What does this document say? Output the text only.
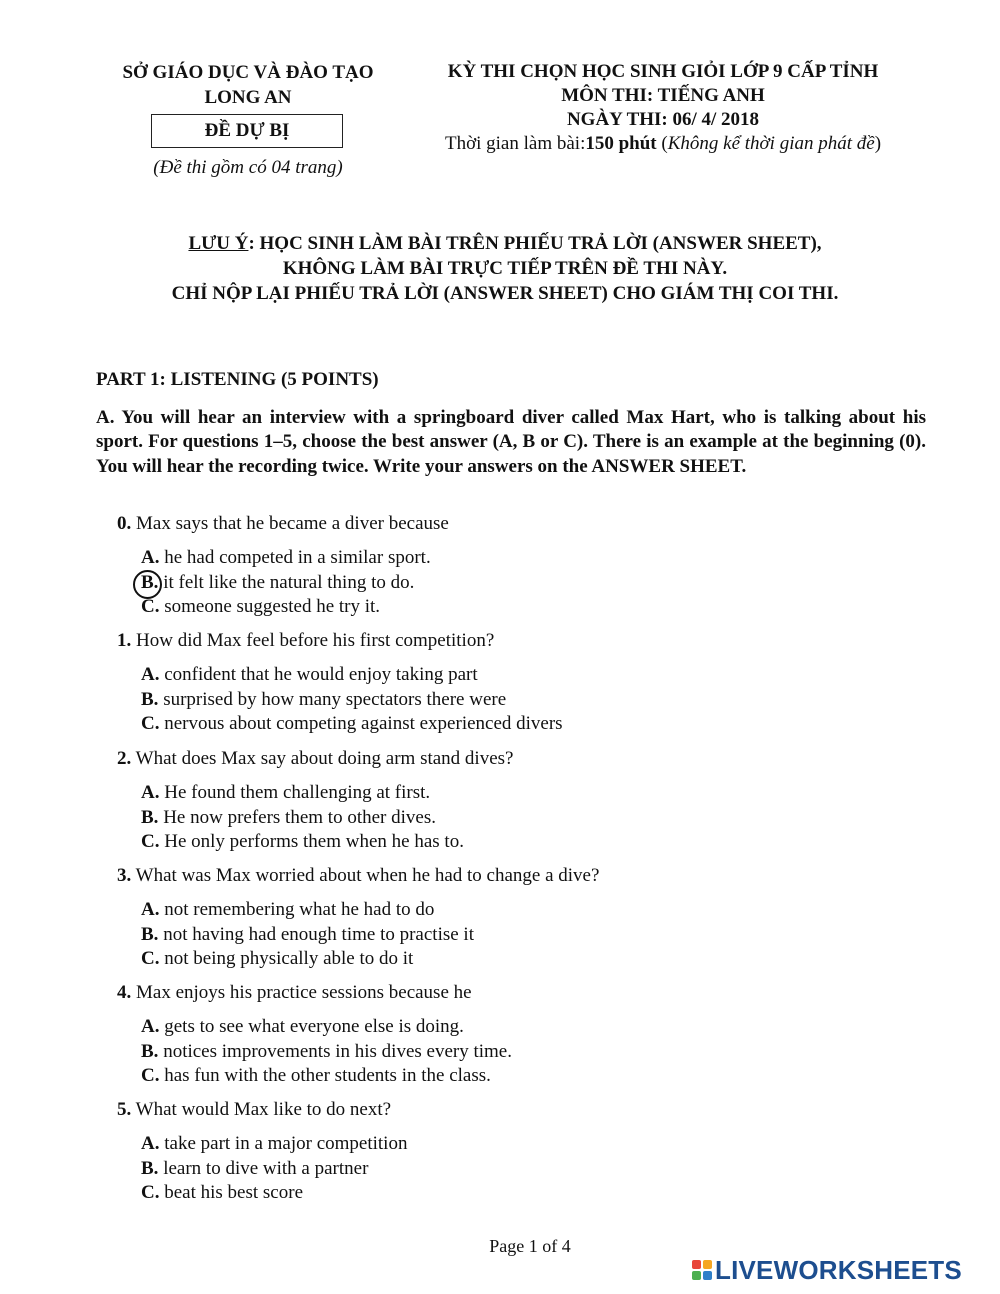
SỞ GIÁO DỤC VÀ ĐÀO TẠO
LONG AN
ĐỀ DỰ BỊ
(Đề thi gồm có 04 trang)
KỲ THI CHỌN HỌC SINH GIỎI LỚP 9 CẤP TỈNH
MÔN THI: TIẾNG ANH
NGÀY THI: 06/ 4/ 2018
Thời gian làm bài:150 phút (Không kể thời gian phát đề)
LƯU Ý: HỌC SINH LÀM BÀI TRÊN PHIẾU TRẢ LỜI (ANSWER SHEET),
KHÔNG LÀM BÀI TRỰC TIẾP TRÊN ĐỀ THI NÀY.
CHỈ NỘP LẠI PHIẾU TRẢ LỜI (ANSWER SHEET) CHO GIÁM THỊ COI THI.
PART 1: LISTENING (5 POINTS)
A. You will hear an interview with a springboard diver called Max Hart, who is talking about his sport. For questions 1–5, choose the best answer (A, B or C). There is an example at the beginning (0). You will hear the recording twice. Write your answers on the ANSWER SHEET.
0. Max says that he became a diver because
A. he had competed in a similar sport.
B. it felt like the natural thing to do.
C. someone suggested he try it.
1. How did Max feel before his first competition?
A. confident that he would enjoy taking part
B. surprised by how many spectators there were
C. nervous about competing against experienced divers
2. What does Max say about doing arm stand dives?
A. He found them challenging at first.
B. He now prefers them to other dives.
C. He only performs them when he has to.
3. What was Max worried about when he had to change a dive?
A. not remembering what he had to do
B. not having had enough time to practise it
C. not being physically able to do it
4. Max enjoys his practice sessions because he
A. gets to see what everyone else is doing.
B. notices improvements in his dives every time.
C. has fun with the other students in the class.
5. What would Max like to do next?
A. take part in a major competition
B. learn to dive with a partner
C. beat his best score
Page 1 of 4
LIVEWORKSHEETS
